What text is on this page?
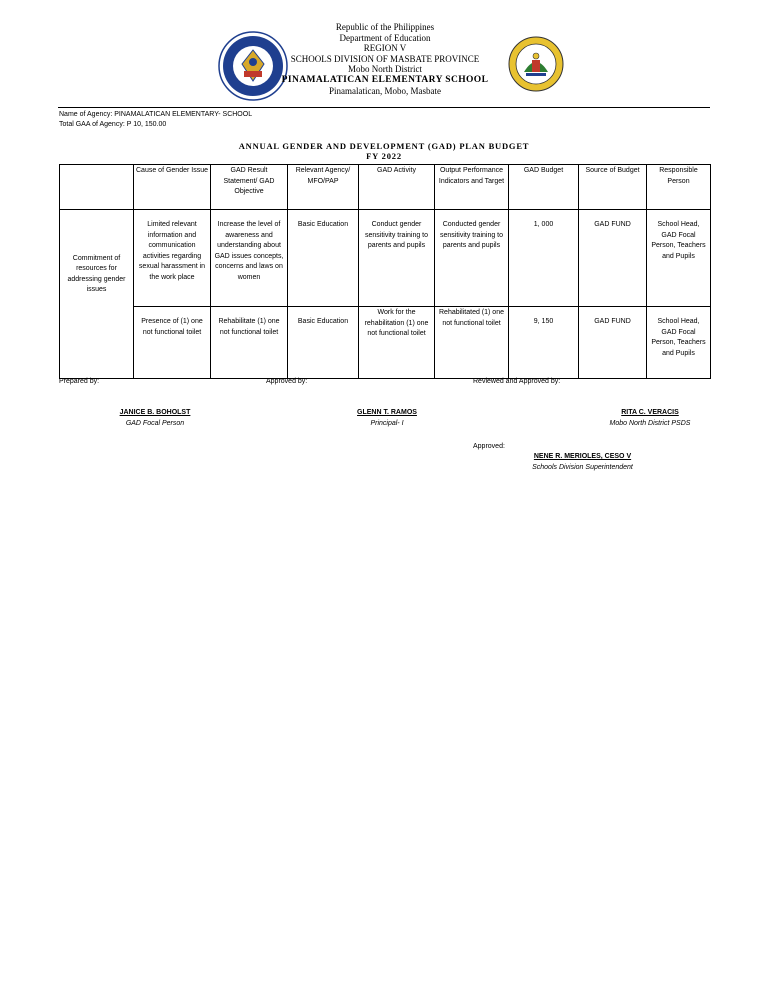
Republic of the Philippines
Department of Education
REGION V
SCHOOLS DIVISION OF MASBATE PROVINCE
Mobo North District
PINAMALATICAN ELEMENTARY SCHOOL
Pinamalatican, Mobo, Masbate
Name of Agency: PINAMALATICAN ELEMENTARY- SCHOOL
Total GAA of Agency: P 10, 150.00
ANNUAL GENDER AND DEVELOPMENT (GAD) PLAN BUDGET
FY 2022
	Cause of Gender Issue	GAD Result Statement/ GAD Objective	Relevant Agency/ MFO/PAP	GAD Activity	Output Performance Indicators and Target	GAD Budget	Source of Budget	Responsible Person
Commitment of resources for addressing gender issues	Limited relevant information and communication activities regarding sexual harassment in the work place	Increase the level of awareness and understanding about GAD issues concepts, concerns and laws on women	Basic Education	Conduct gender sensitivity training to parents and pupils	Conducted gender sensitivity training to parents and pupils	1, 000	GAD FUND	School Head, GAD Focal Person, Teachers and Pupils
	Presence of (1) one not functional toilet	Rehabilitate (1) one not functional toilet	Basic Education	Work for the rehabilitation (1) one not functional toilet	Rehabilitated (1) one not functional toilet	9, 150	GAD FUND	School Head, GAD Focal Person, Teachers and Pupils
Prepared by:	Approved by:	Reviewed and Approved by:
JANICE B. BOHOLST
GAD Focal Person
GLENN T. RAMOS
Principal- I
RITA C. VERACIS
Mobo North District PSDS
Approved:
NENE R. MERIOLES, CESO V
Schools Division Superintendent
